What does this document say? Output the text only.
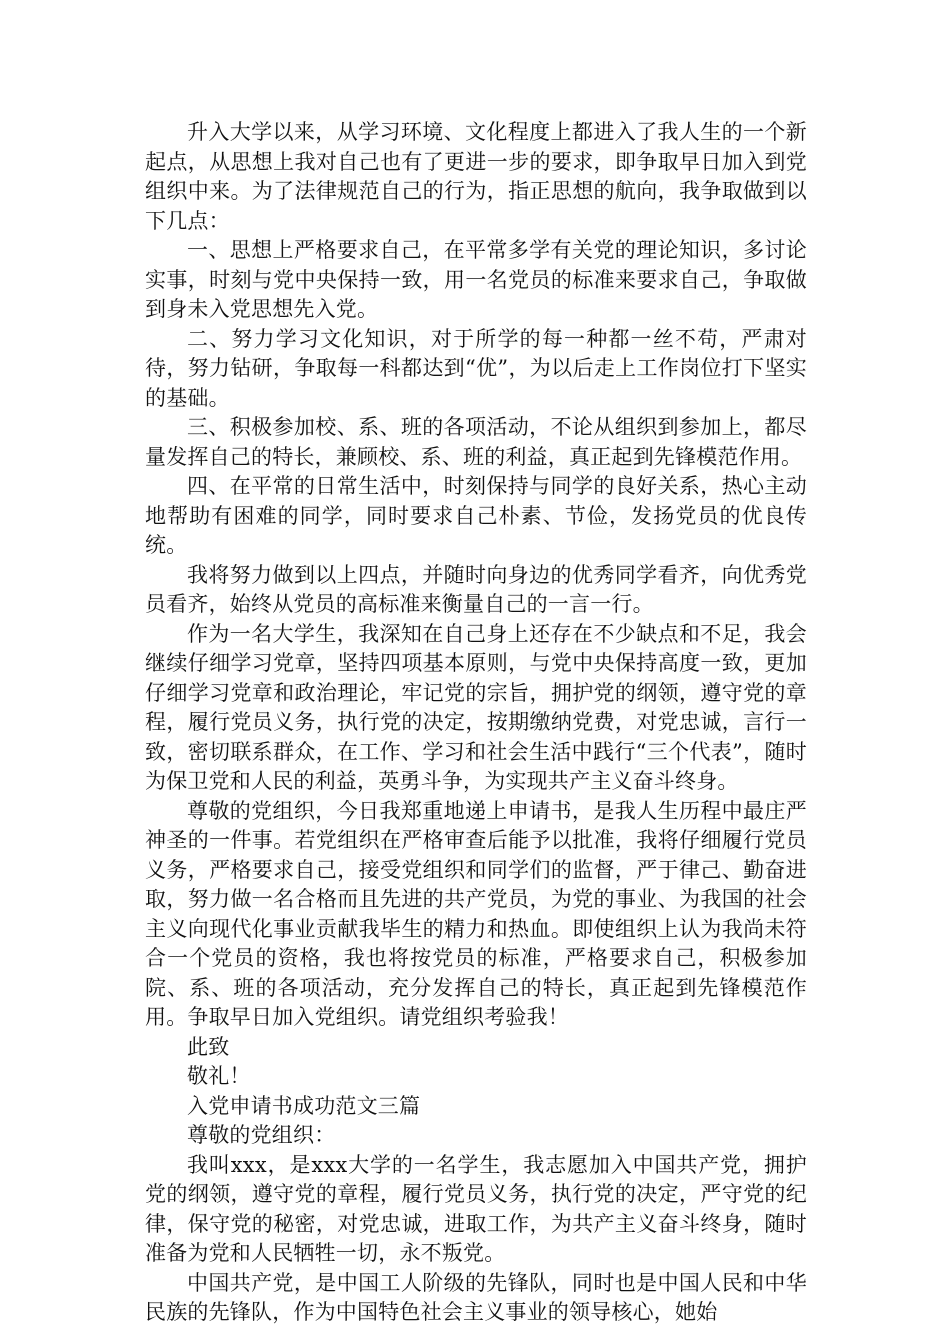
升入大学以来，从学习环境、文化程度上都进入了我人生的一个新起点，从思想上我对自己也有了更进一步的要求，即争取早日加入到党组织中来。为了法律规范自己的行为，指正思想的航向，我争取做到以下几点：

一、思想上严格要求自己，在平常多学有关党的理论知识，多讨论实事，时刻与党中央保持一致，用一名党员的标准来要求自己，争取做到身未入党思想先入党。

二、努力学习文化知识，对于所学的每一种都一丝不苟，严肃对待，努力钻研，争取每一科都达到“优”，为以后走上工作岗位打下坚实的基础。

三、积极参加校、系、班的各项活动，不论从组织到参加上，都尽量发挥自己的特长，兼顾校、系、班的利益，真正起到先锋模范作用。

四、在平常的日常生活中，时刻保持与同学的良好关系，热心主动地帮助有困难的同学，同时要求自己朴素、节俭，发扬党员的优良传统。

我将努力做到以上四点，并随时向身边的优秀同学看齐，向优秀党员看齐，始终从党员的高标准来衡量自己的一言一行。

作为一名大学生，我深知在自己身上还存在不少缺点和不足，我会继续仔细学习党章，坚持四项基本原则，与党中央保持高度一致，更加仔细学习党章和政治理论，牢记党的宗旨，拥护党的纲领，遵守党的章程，履行党员义务，执行党的决定，按期缴纳党费，对党忠诚，言行一致，密切联系群众，在工作、学习和社会生活中践行“三个代表”，随时为保卫党和人民的利益，英勇斗争，为实现共产主义奋斗终身。

尊敬的党组织，今日我郑重地递上申请书，是我人生历程中最庄严神圣的一件事。若党组织在严格审查后能予以批准，我将仔细履行党员义务，严格要求自己，接受党组织和同学们的监督，严于律己、勤奋进取，努力做一名合格而且先进的共产党员，为党的事业、为我国的社会主义向现代化事业贡献我毕生的精力和热血。即使组织上认为我尚未符合一个党员的资格，我也将按党员的标准，严格要求自己，积极参加院、系、班的各项活动，充分发挥自己的特长，真正起到先锋模范作用。争取早日加入党组织。请党组织考验我！

此致

敬礼！

入党申请书成功范文三篇

尊敬的党组织：

我叫xxx，是xxx大学的一名学生，我志愿加入中国共产党，拥护党的纲领，遵守党的章程，履行党员义务，执行党的决定，严守党的纪律，保守党的秘密，对党忠诚，进取工作，为共产主义奋斗终身，随时准备为党和人民牺牲一切，永不叛党。

中国共产党，是中国工人阶级的先锋队，同时也是中国人民和中华民族的先锋队，作为中国特色社会主义事业的领导核心，她始
